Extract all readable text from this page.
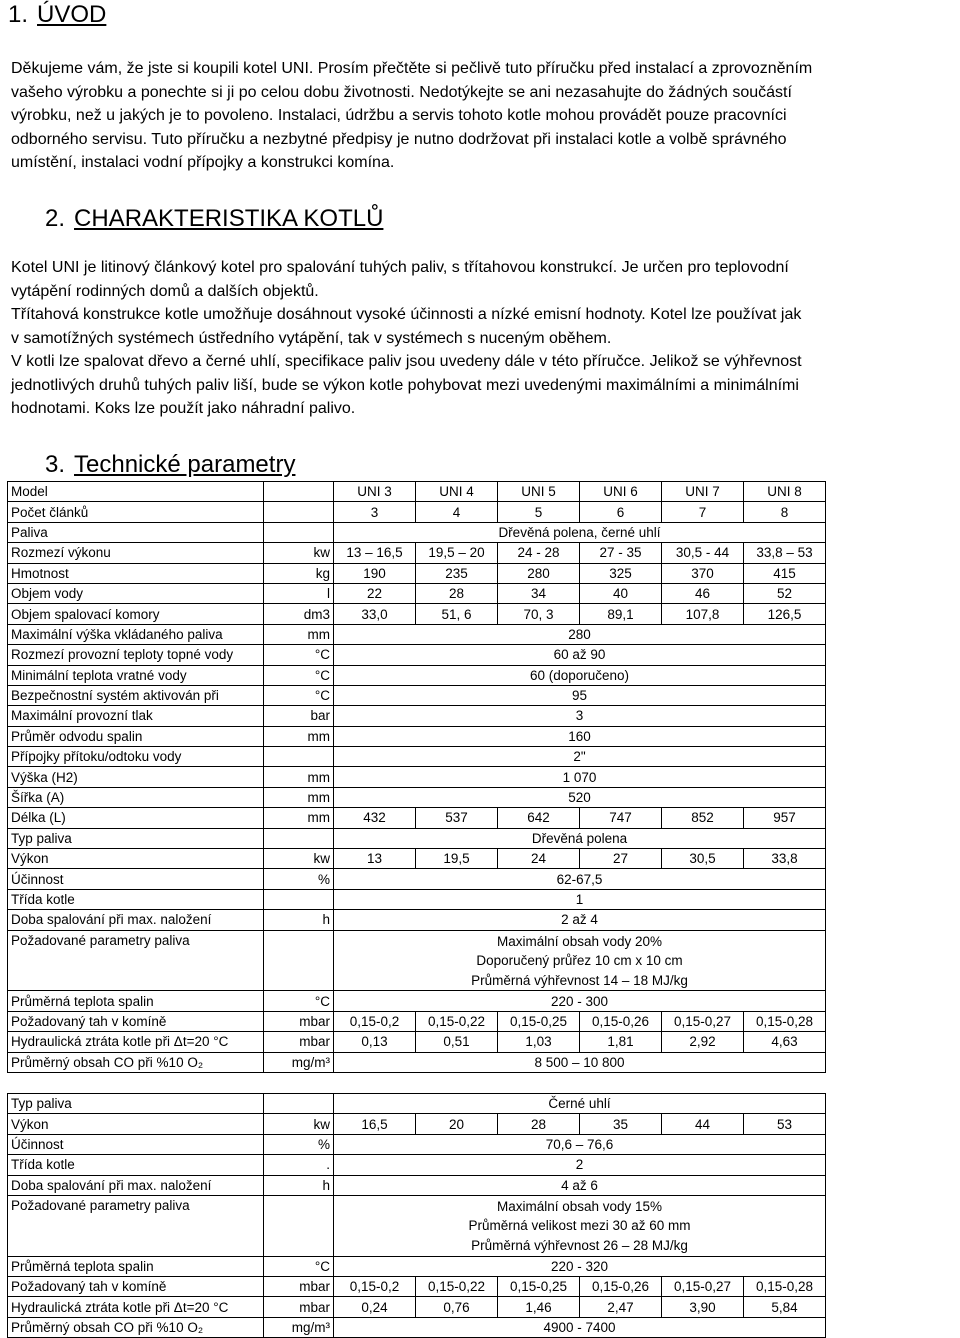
1. ÚVOD
Děkujeme vám, že jste si koupili kotel UNI. Prosím přečtěte si pečlivě tuto příručku před instalací a zprovozněním
vašeho výrobku a ponechte si ji po celou dobu životnosti. Nedotýkejte se ani nezasahujte do žádných součástí
výrobku, než u jakých je to povoleno. Instalaci, údržbu a servis tohoto kotle mohou provádět pouze pracovníci
odborného servisu. Tuto příručku a nezbytné předpisy je nutno dodržovat při instalaci kotle a volbě správného
umístění, instalaci vodní přípojky a konstrukci komína.
2. CHARAKTERISTIKA KOTLŮ
Kotel UNI je litinový článkový kotel pro spalování tuhých paliv, s třítahovou konstrukcí. Je určen pro teplovodní
vytápění rodinných domů a dalších objektů.
Třítahová konstrukce kotle umožňuje dosáhnout vysoké účinnosti a nízké emisní hodnoty. Kotel lze používat jak
v samotížných systémech ústředního vytápění, tak v systémech s nuceným oběhem.
V kotli lze spalovat dřevo a černé uhlí, specifikace paliv jsou uvedeny dále v této příručce. Jelikož se výhřevnost
jednotlivých druhů tuhých paliv liší, bude se výkon kotle pohybovat mezi uvedenými maximálními a minimálními
hodnotami. Koks lze použít jako náhradní palivo.
3. Technické parametry
Model		UNI 3	UNI 4	UNI 5	UNI 6	UNI 7	UNI 8
Počet článků		3	4	5	6	7	8
Paliva		Dřevěná polena, černé uhlí					
Rozmezí výkonu	kw	13 – 16,5	19,5 – 20	24 - 28	27 - 35	30,5 - 44	33,8 – 53
Hmotnost	kg	190	235	280	325	370	415
Objem vody	l	22	28	34	40	46	52
Objem spalovací komory	dm3	33,0	51, 6	70, 3	89,1	107,8	126,5
Maximální výška vkládaného paliva	mm	280					
Rozmezí provozní teploty topné vody	°C	60 až 90					
Minimální teplota vratné vody	°C	60 (doporučeno)					
Bezpečnostní systém aktivován při	°C	95					
Maximální provozní tlak	bar	3					
Průměr odvodu spalin	mm	160					
Přípojky přítoku/odtoku vody		2"					
Výška (H2)	mm	1 070					
Šířka (A)	mm	520					
Délka (L)	mm	432	537	642	747	852	957
Typ paliva		Dřevěná polena					
Výkon	kw	13	19,5	24	27	30,5	33,8
Účinnost	%	62-67,5					
Třída kotle		1					
Doba spalování při max. naložení	h	2 až 4					
Požadované parametry paliva		Maximální obsah vody 20%
Doporučený průřez 10 cm x 10 cm
Průměrná výhřevnost 14 – 18 MJ/kg					

Průměrná teplota spalin	°C	220 - 300					
Požadovaný tah v komíně	mbar	0,15-0,2	0,15-0,22	0,15-0,25	0,15-0,26	0,15-0,27	0,15-0,28
Hydraulická ztráta kotle při Δt=20 °C	mbar	0,13	0,51	1,03	1,81	2,92	4,63
Průměrný obsah CO při %10 O₂	mg/m³	8 500 – 10 800					

Typ paliva		Černé uhlí					
Výkon	kw	16,5	20	28	35	44	53
Účinnost	%	70,6 – 76,6					
Třída kotle	.	2					
Doba spalování při max. naložení	h	4 až 6					
Požadované parametry paliva		Maximální obsah vody 15%
Průměrná velikost mezi 30 až 60 mm
Průměrná výhřevnost 26 – 28 MJ/kg					

Průměrná teplota spalin	°C	220 - 320					
Požadovaný tah v komíně	mbar	0,15-0,2	0,15-0,22	0,15-0,25	0,15-0,26	0,15-0,27	0,15-0,28
Hydraulická ztráta kotle při Δt=20 °C	mbar	0,24	0,76	1,46	2,47	3,90	5,84
Průměrný obsah CO při %10 O₂	mg/m³	4900 - 7400					
